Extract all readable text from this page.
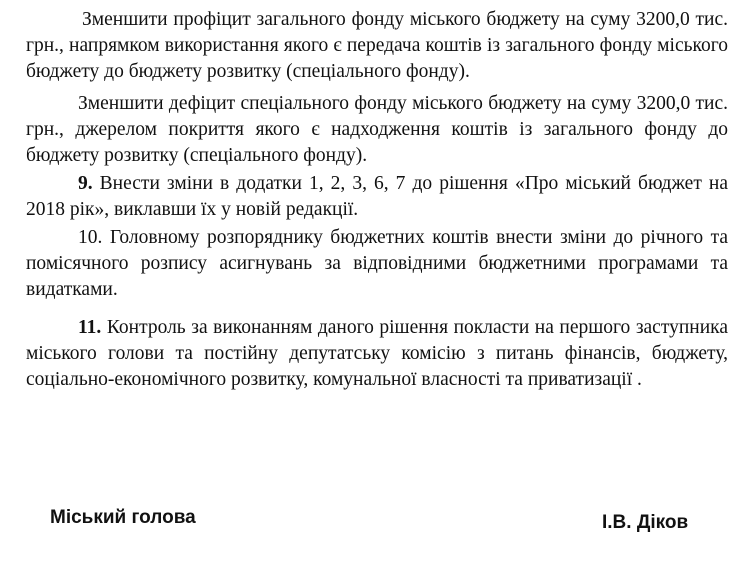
Зменшити профіцит загального фонду міського бюджету на суму 3200,0 тис. грн., напрямком використання якого є передача коштів із загального фонду міського бюджету до бюджету розвитку (спеціального фонду).

Зменшити дефіцит спеціального фонду міського бюджету на суму 3200,0 тис. грн., джерелом покриття якого є надходження коштів із загального фонду до бюджету розвитку (спеціального фонду).

9. Внести зміни в додатки 1, 2, 3, 6, 7 до рішення «Про міський бюджет на 2018 рік», виклавши їх у новій редакції.

10. Головному розпоряднику бюджетних коштів внести зміни до річного та помісячного розпису асигнувань за відповідними бюджетними програмами та видатками.

11. Контроль за виконанням даного рішення покласти на першого заступника міського голови та постійну депутатську комісію з питань фінансів, бюджету, соціально-економічного розвитку, комунальної власності та приватизації .

Міський голова	І.В. Діков
